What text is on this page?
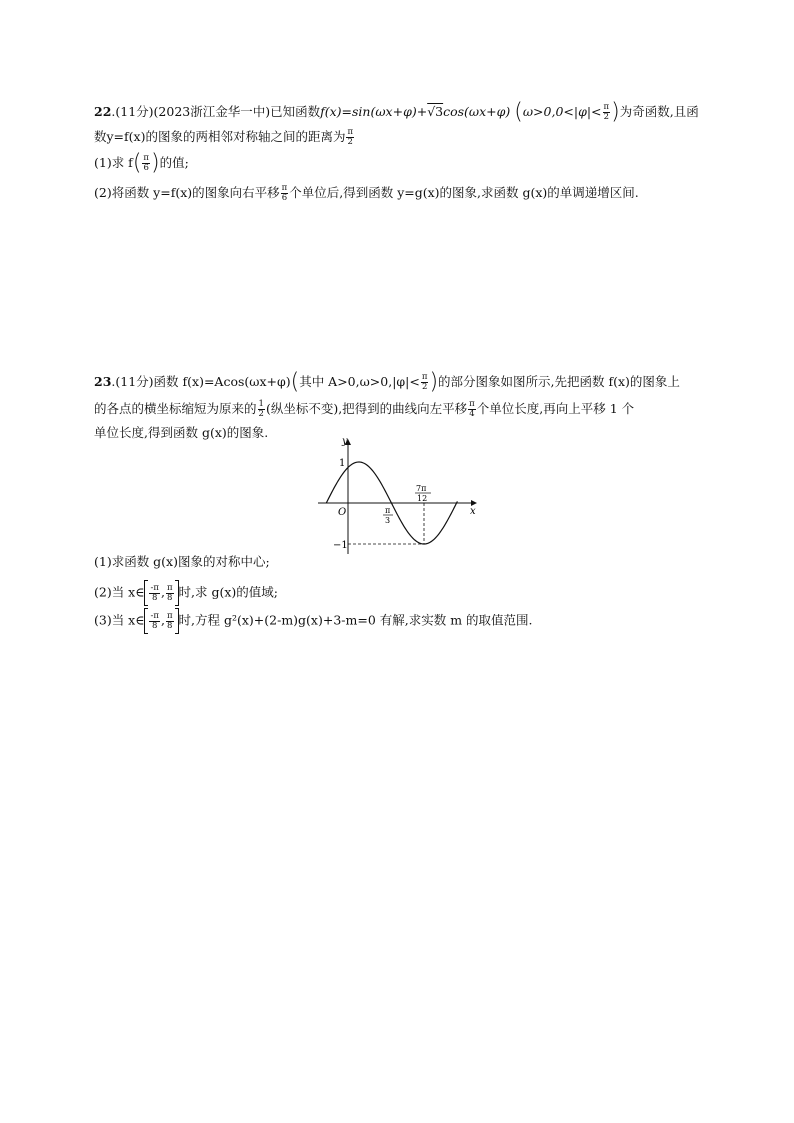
22.(11分)(2023浙江金华一中)已知函数f(x)=sin(ωx+φ)+√3cos(ωx+φ) ($\omega>0,0<|\varphi|< \frac{\pi}{2}$ )为奇函数,且函
数y=f(x)的图象的两相邻对称轴之间的距离为 $\frac{\pi}{2}$
(1)求 $f( \frac{\pi}{6}$ )的值;
(2)将函数 y=f(x)的图象向右平移 $\frac{\pi}{6}$ 个单位后,得到函数 y=g(x)的图象,求函数 g(x)的单调递增区间.
23.(11分)函数 f(x)=Acos(ωx+φ)(其中 $A>0,\omega>0,|\varphi|< \frac{\pi}{2}$ )的部分图象如图所示,先把函数 f(x)的图象上
的各点的横坐标缩短为原来的 $\frac{1}{2}$ (纵坐标不变),把得到的曲线向左平移 $\frac{\pi}{4}$ 个单位长度,再向上平移 1 个
单位长度,得到函数 g(x)的图象.
y
x
O
1
−1
π
3
7π
12
(1)求函数 g(x)图象的对称中心;
(2)当 x∈ $\frac{-\pi}{8}$ , $\frac{\pi}{8}$ 时,求 g(x)的值域;
(3)当 x∈ $\frac{-\pi}{8}$ , $\frac{\pi}{8}$ 时,方程 g²(x)+(2-m)g(x)+3-m=0 有解,求实数 m 的取值范围.
